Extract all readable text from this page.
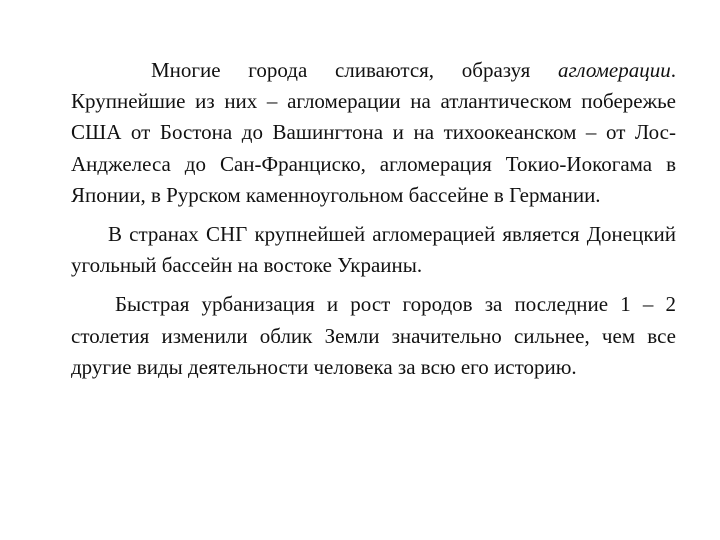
Многие города сливаются, образуя агломерации. Крупнейшие из них – агломерации на атлантическом побережье США от Бостона до Вашингтона и на тихоокеанском – от Лос-Анджелеса до Сан-Франциско, агломерация Токио-Иокогама в Японии, в Рурском каменноугольном бассейне в Германии.

В странах СНГ крупнейшей агломерацией является Донецкий угольный бассейн на востоке Украины.

Быстрая урбанизация и рост городов за последние 1 – 2 столетия изменили облик Земли значительно сильнее, чем все другие виды деятельности человека за всю его историю.
